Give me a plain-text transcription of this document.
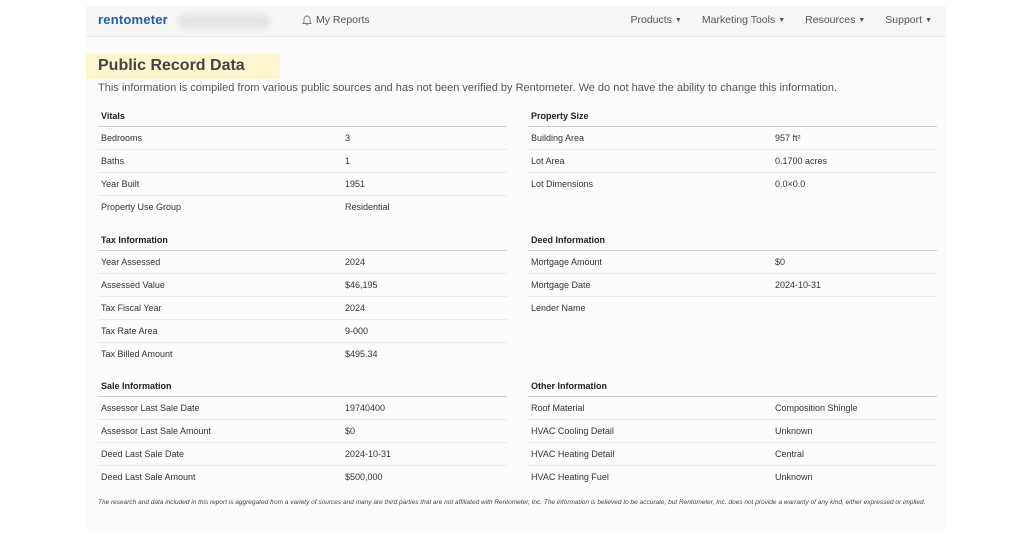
rentometer	My Reports	Products ▼ Marketing Tools ▼ Resources ▼ Support ▼
Public Record Data
This information is compiled from various public sources and has not been verified by Rentometer. We do not have the ability to change this information.
Vitals
Bedrooms	3
Baths	1
Year Built	1951
Property Use Group	Residential
Property Size
Building Area	957 ft²
Lot Area	0.1700 acres
Lot Dimensions	0.0×0.0
Tax Information
Year Assessed	2024
Assessed Value	$46,195
Tax Fiscal Year	2024
Tax Rate Area	9-000
Tax Billed Amount	$495.34
Deed Information
Mortgage Amount	$0
Mortgage Date	2024-10-31
Lender Name
Sale Information
Assessor Last Sale Date	19740400
Assessor Last Sale Amount	$0
Deed Last Sale Date	2024-10-31
Deed Last Sale Amount	$500,000
Other Information
Roof Material	Composition Shingle
HVAC Cooling Detail	Unknown
HVAC Heating Detail	Central
HVAC Heating Fuel	Unknown
The research and data included in this report is aggregated from a variety of sources and many are third parties that are not affiliated with Rentometer, Inc. The information is believed to be accurate, but Rentometer, Inc. does not provide a warranty of any kind, either expressed or implied.
